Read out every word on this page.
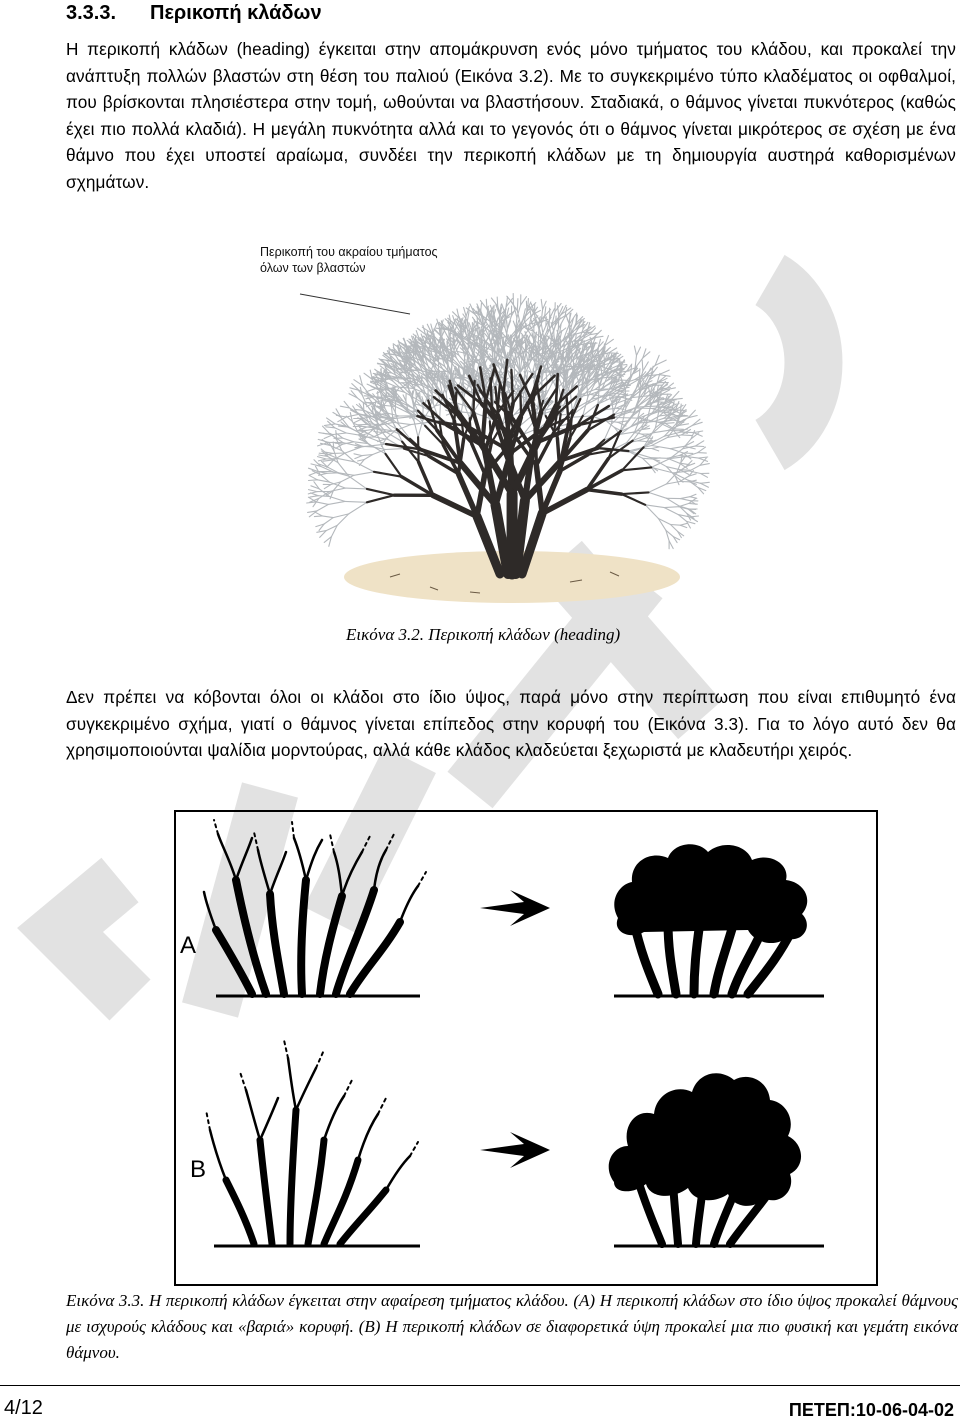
3.3.3. Περικοπή κλάδων

Η περικοπή κλάδων (heading) έγκειται στην απομάκρυνση ενός μόνο τμήματος του κλάδου, και προκαλεί την ανάπτυξη πολλών βλαστών στη θέση του παλιού (Εικόνα 3.2). Με το συγκεκριμένο τύπο κλαδέματος οι οφθαλμοί, που βρίσκονται πλησιέστερα στην τομή, ωθούνται να βλαστήσουν. Σταδιακά, ο θάμνος γίνεται πυκνότερος (καθώς έχει πιο πολλά κλαδιά). Η μεγάλη πυκνότητα αλλά και το γεγονός ότι ο θάμνος γίνεται μικρότερος σε σχέση με ένα θάμνο που έχει υποστεί αραίωμα, συνδέει την περικοπή κλάδων με τη δημιουργία αυστηρά καθορισμένων σχημάτων.

Περικοπή του ακραίου τμήματος
όλων των βλαστών

Εικόνα 3.2. Περικοπή κλάδων (heading)

Δεν πρέπει να κόβονται όλοι οι κλάδοι στο ίδιο ύψος, παρά μόνο στην περίπτωση που είναι επιθυμητό ένα συγκεκριμένο σχήμα, γιατί ο θάμνος γίνεται επίπεδος στην κορυφή του (Εικόνα 3.3). Για το λόγο αυτό δεν θα χρησιμοποιούνται ψαλίδια μορντούρας, αλλά κάθε κλάδος κλαδεύεται ξεχωριστά με κλαδευτήρι χειρός.

A

B

Εικόνα 3.3. Η περικοπή κλάδων έγκειται στην αφαίρεση τμήματος κλάδου. (A) Η περικοπή κλάδων στο ίδιο ύψος προκαλεί θάμνους με ισχυρούς κλάδους και «βαριά» κορυφή. (B) Η περικοπή κλάδων σε διαφορετικά ύψη προκαλεί μια πιο φυσική και γεμάτη εικόνα θάμνου.

4/12	ΠΕΤΕΠ:10-06-04-02
